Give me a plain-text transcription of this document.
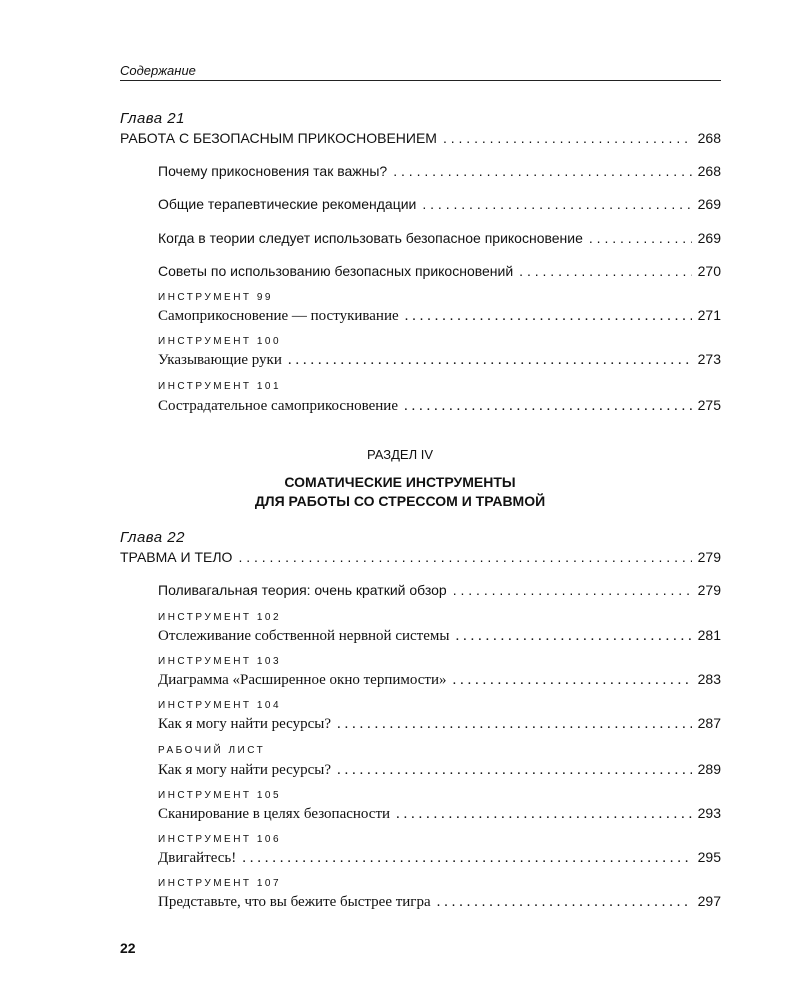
Содержание
Глава 21
РАБОТА С БЕЗОПАСНЫМ ПРИКОСНОВЕНИЕМ . . .	268
Почему прикосновения так важны? . . .	268
Общие терапевтические рекомендации . . .	269
Когда в теории следует использовать безопасное прикосновение . . .	269
Советы по использованию безопасных прикосновений . . .	270
ИНСТРУМЕНТ 99
Самоприкосновение — постукивание . . .	271
ИНСТРУМЕНТ 100
Указывающие руки . . .	273
ИНСТРУМЕНТ 101
Сострадательное самоприкосновение . . .	275
РАЗДЕЛ IV
СОМАТИЧЕСКИЕ ИНСТРУМЕНТЫ
ДЛЯ РАБОТЫ СО СТРЕССОМ И ТРАВМОЙ
Глава 22
ТРАВМА И ТЕЛО . . .	279
Поливагальная теория: очень краткий обзор . . .	279
ИНСТРУМЕНТ 102
Отслеживание собственной нервной системы . . .	281
ИНСТРУМЕНТ 103
Диаграмма «Расширенное окно терпимости» . . .	283
ИНСТРУМЕНТ 104
Как я могу найти ресурсы? . . .	287
РАБОЧИЙ ЛИСТ
Как я могу найти ресурсы? . . .	289
ИНСТРУМЕНТ 105
Сканирование в целях безопасности . . .	293
ИНСТРУМЕНТ 106
Двигайтесь! . . .	295
ИНСТРУМЕНТ 107
Представьте, что вы бежите быстрее тигра . . .	297
22
